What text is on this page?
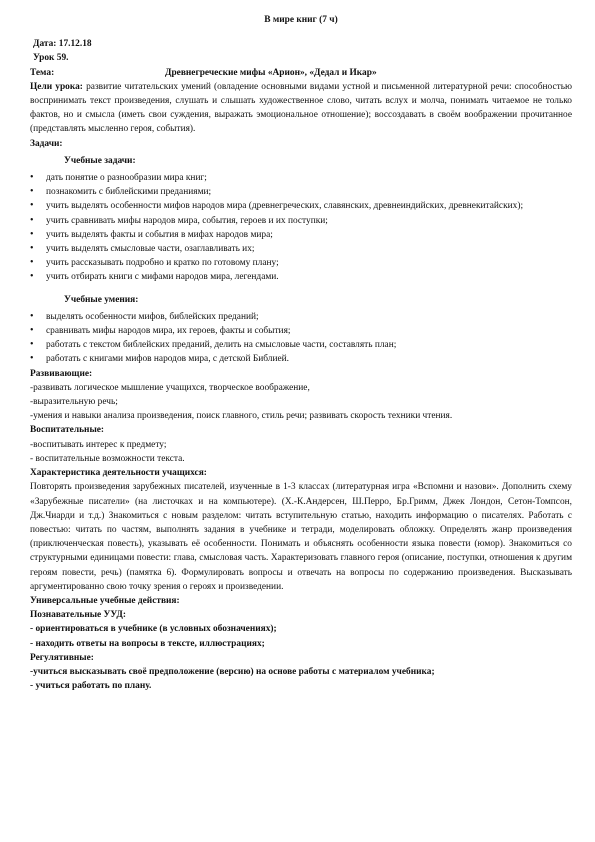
В мире книг (7 ч)
Дата: 17.12.18
Урок 59.
Тема:	Древнегреческие мифы «Арион», «Дедал и Икар»
Цели урока: развитие читательских умений (овладение основными видами устной и письменной литературной речи: способностью воспринимать текст произведения, слушать и слышать художественное слово, читать вслух и молча, понимать читаемое не только фактов, но и смысла (иметь свои суждения, выражать эмоциональное отношение); воссоздавать в своём воображении прочитанное (представлять мысленно героя, события).
Задачи:
Учебные задачи:
• дать понятие о разнообразии мира книг;
• познакомить с библейскими преданиями;
• учить выделять особенности мифов народов мира (древнегреческих, славянских, древнеиндийских, древнекитайских);
• учить сравнивать мифы народов мира, события, героев и их поступки;
• учить выделять факты и события в мифах народов мира;
• учить выделять смысловые части, озаглавливать их;
• учить рассказывать подробно и кратко по готовому плану;
• учить отбирать книги с мифами народов мира, легендами.
Учебные умения:
• выделять особенности мифов, библейских преданий;
• сравнивать мифы народов мира, их героев, факты и события;
• работать с текстом библейских преданий, делить на смысловые части, составлять план;
• работать с книгами мифов народов мира, с детской Библией.
Развивающие:
-развивать логическое мышление учащихся, творческое воображение,
-выразительную речь;
-умения и навыки анализа произведения, поиск главного, стиль речи; развивать скорость техники чтения.
Воспитательные:
-воспитывать интерес к предмету;
- воспитательные возможности текста.
Характеристика деятельности учащихся:
Повторять произведения зарубежных писателей, изученные в 1-3 классах (литературная игра «Вспомни и назови». Дополнить схему «Зарубежные писатели» (на листочках и на компьютере). (Х.-К.Андерсен, Ш.Перро, Бр.Гримм, Джек Лондон, Сетон-Томпсон, Дж.Чиарди и т.д.) Знакомиться с новым разделом: читать вступительную статью, находить информацию о писателях. Работать с повестью: читать по частям, выполнять задания в учебнике и тетради, моделировать обложку. Определять жанр произведения (приключенческая повесть), указывать её особенности. Понимать и объяснять особенности языка повести (юмор). Знакомиться со структурными единицами повести: глава, смысловая часть. Характеризовать главного героя (описание, поступки, отношения к другим героям повести, речь) (памятка 6). Формулировать вопросы и отвечать на вопросы по содержанию произведения. Высказывать аргументированно свою точку зрения о героях и произведении.
Универсальные учебные действия:
Познавательные УУД:
- ориентироваться в учебнике (в условных обозначениях);
- находить ответы на вопросы в тексте, иллюстрациях;
Регулятивные:
-учиться высказывать своё предположение (версию) на основе работы с материалом учебника;
- учиться работать по плану.
